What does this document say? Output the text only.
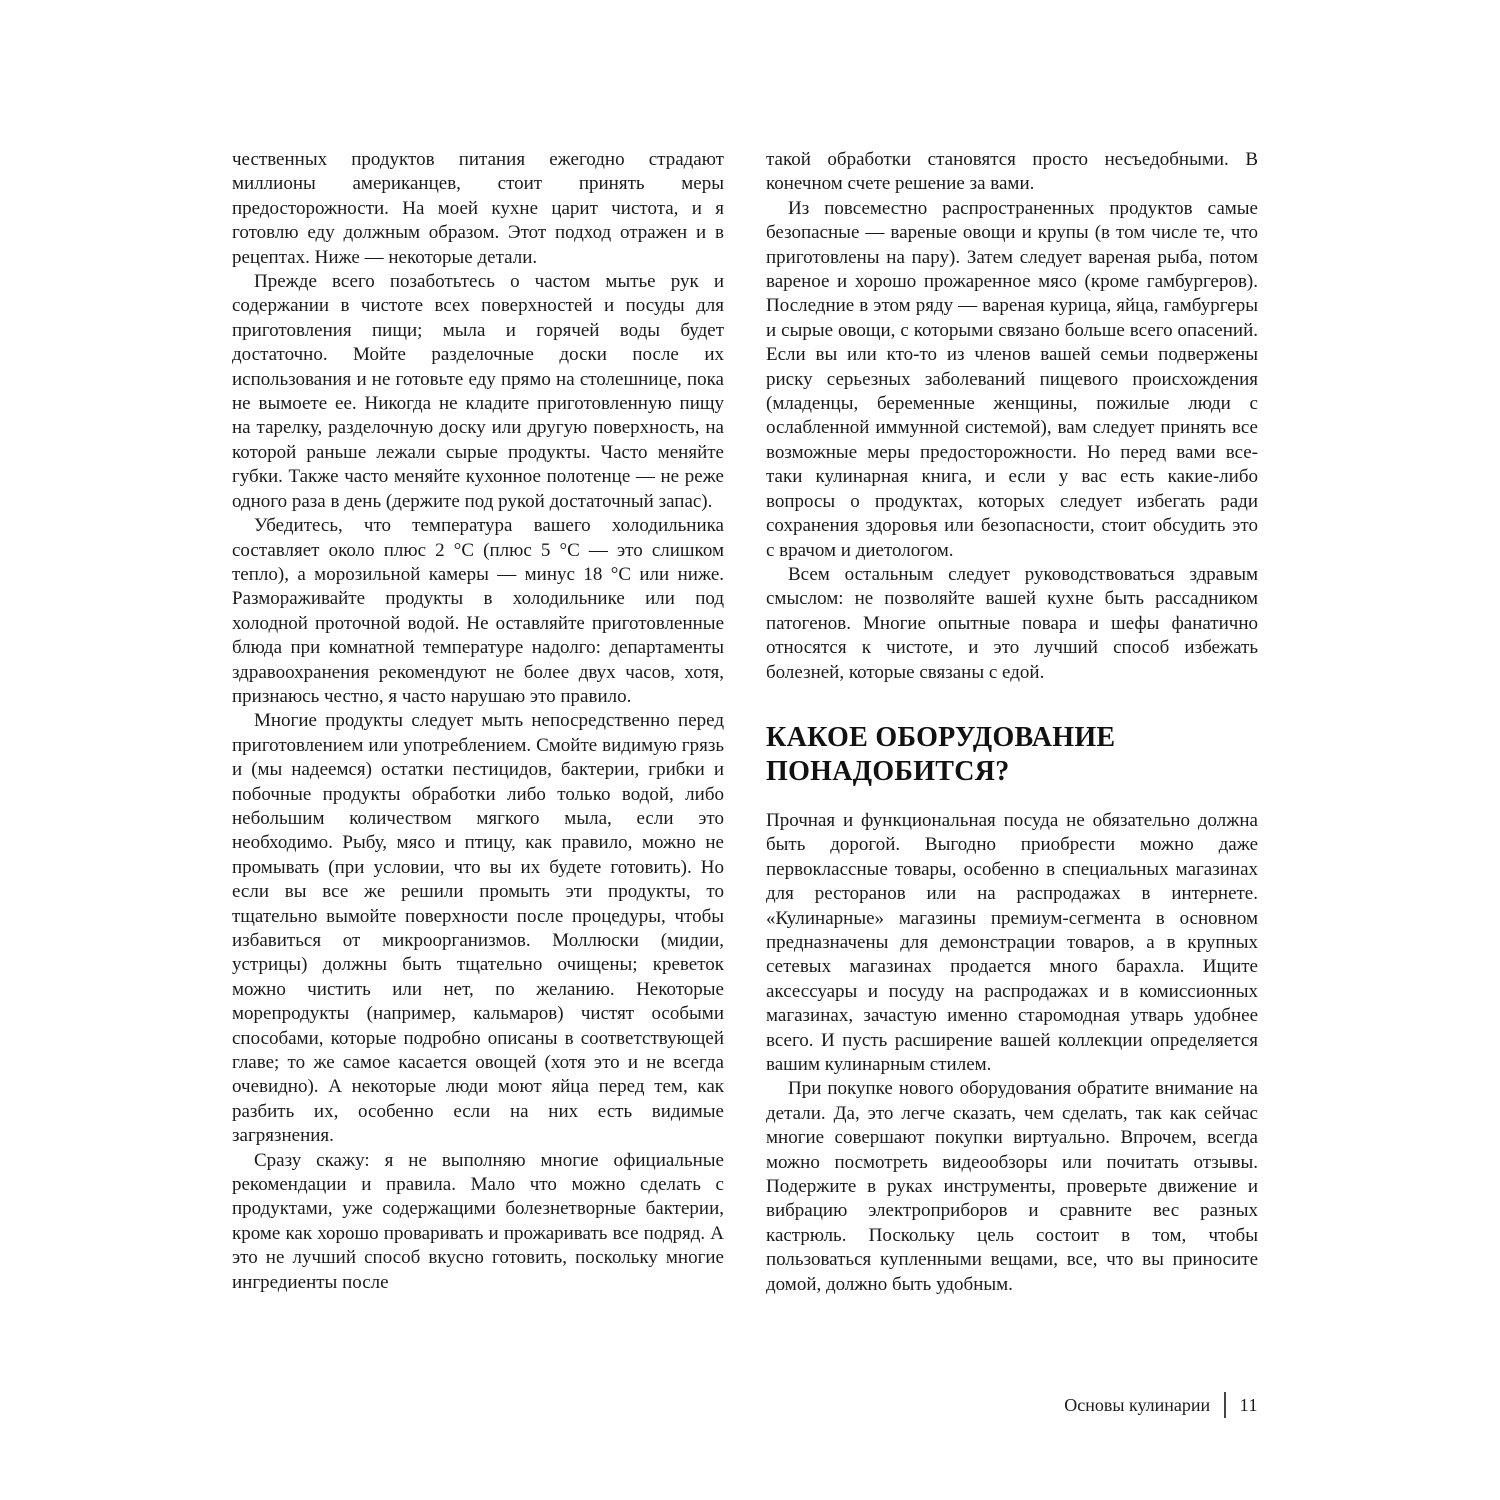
чественных продуктов питания ежегодно страдают миллионы американцев, стоит принять меры предосторожности. На моей кухне царит чистота, и я готовлю еду должным образом. Этот подход отражен и в рецептах. Ниже — некоторые детали.

Прежде всего позаботьтесь о частом мытье рук и содержании в чистоте всех поверхностей и посуды для приготовления пищи; мыла и горячей воды будет достаточно. Мойте разделочные доски после их использования и не готовьте еду прямо на столешнице, пока не вымоете ее. Никогда не кладите приготовленную пищу на тарелку, разделочную доску или другую поверхность, на которой раньше лежали сырые продукты. Часто меняйте губки. Также часто меняйте кухонное полотенце — не реже одного раза в день (держите под рукой достаточный запас).

Убедитесь, что температура вашего холодильника составляет около плюс 2 °C (плюс 5 °C — это слишком тепло), а морозильной камеры — минус 18 °C или ниже. Размораживайте продукты в холодильнике или под холодной проточной водой. Не оставляйте приготовленные блюда при комнатной температуре надолго: департаменты здравоохранения рекомендуют не более двух часов, хотя, признаюсь честно, я часто нарушаю это правило.

Многие продукты следует мыть непосредственно перед приготовлением или употреблением. Смойте видимую грязь и (мы надеемся) остатки пестицидов, бактерии, грибки и побочные продукты обработки либо только водой, либо небольшим количеством мягкого мыла, если это необходимо. Рыбу, мясо и птицу, как правило, можно не промывать (при условии, что вы их будете готовить). Но если вы все же решили промыть эти продукты, то тщательно вымойте поверхности после процедуры, чтобы избавиться от микроорганизмов. Моллюски (мидии, устрицы) должны быть тщательно очищены; креветок можно чистить или нет, по желанию. Некоторые морепродукты (например, кальмаров) чистят особыми способами, которые подробно описаны в соответствующей главе; то же самое касается овощей (хотя это и не всегда очевидно). А некоторые люди моют яйца перед тем, как разбить их, особенно если на них есть видимые загрязнения.

Сразу скажу: я не выполняю многие официальные рекомендации и правила. Мало что можно сделать с продуктами, уже содержащими болезнетворные бактерии, кроме как хорошо проваривать и прожаривать все подряд. А это не лучший способ вкусно готовить, поскольку многие ингредиенты после

такой обработки становятся просто несъедобными. В конечном счете решение за вами.

Из повсеместно распространенных продуктов самые безопасные — вареные овощи и крупы (в том числе те, что приготовлены на пару). Затем следует вареная рыба, потом вареное и хорошо прожаренное мясо (кроме гамбургеров). Последние в этом ряду — вареная курица, яйца, гамбургеры и сырые овощи, с которыми связано больше всего опасений. Если вы или кто-то из членов вашей семьи подвержены риску серьезных заболеваний пищевого происхождения (младенцы, беременные женщины, пожилые люди с ослабленной иммунной системой), вам следует принять все возможные меры предосторожности. Но перед вами все-таки кулинарная книга, и если у вас есть какие-либо вопросы о продуктах, которых следует избегать ради сохранения здоровья или безопасности, стоит обсудить это с врачом и диетологом.

Всем остальным следует руководствоваться здравым смыслом: не позволяйте вашей кухне быть рассадником патогенов. Многие опытные повара и шефы фанатично относятся к чистоте, и это лучший способ избежать болезней, которые связаны с едой.

КАКОЕ ОБОРУДОВАНИЕ ПОНАДОБИТСЯ?

Прочная и функциональная посуда не обязательно должна быть дорогой. Выгодно приобрести можно даже первоклассные товары, особенно в специальных магазинах для ресторанов или на распродажах в интернете. «Кулинарные» магазины премиум-сегмента в основном предназначены для демонстрации товаров, а в крупных сетевых магазинах продается много барахла. Ищите аксессуары и посуду на распродажах и в комиссионных магазинах, зачастую именно старомодная утварь удобнее всего. И пусть расширение вашей коллекции определяется вашим кулинарным стилем.

При покупке нового оборудования обратите внимание на детали. Да, это легче сказать, чем сделать, так как сейчас многие совершают покупки виртуально. Впрочем, всегда можно посмотреть видеообзоры или почитать отзывы. Подержите в руках инструменты, проверьте движение и вибрацию электроприборов и сравните вес разных кастрюль. Поскольку цель состоит в том, чтобы пользоваться купленными вещами, все, что вы приносите домой, должно быть удобным.

Основы кулинарии 11
